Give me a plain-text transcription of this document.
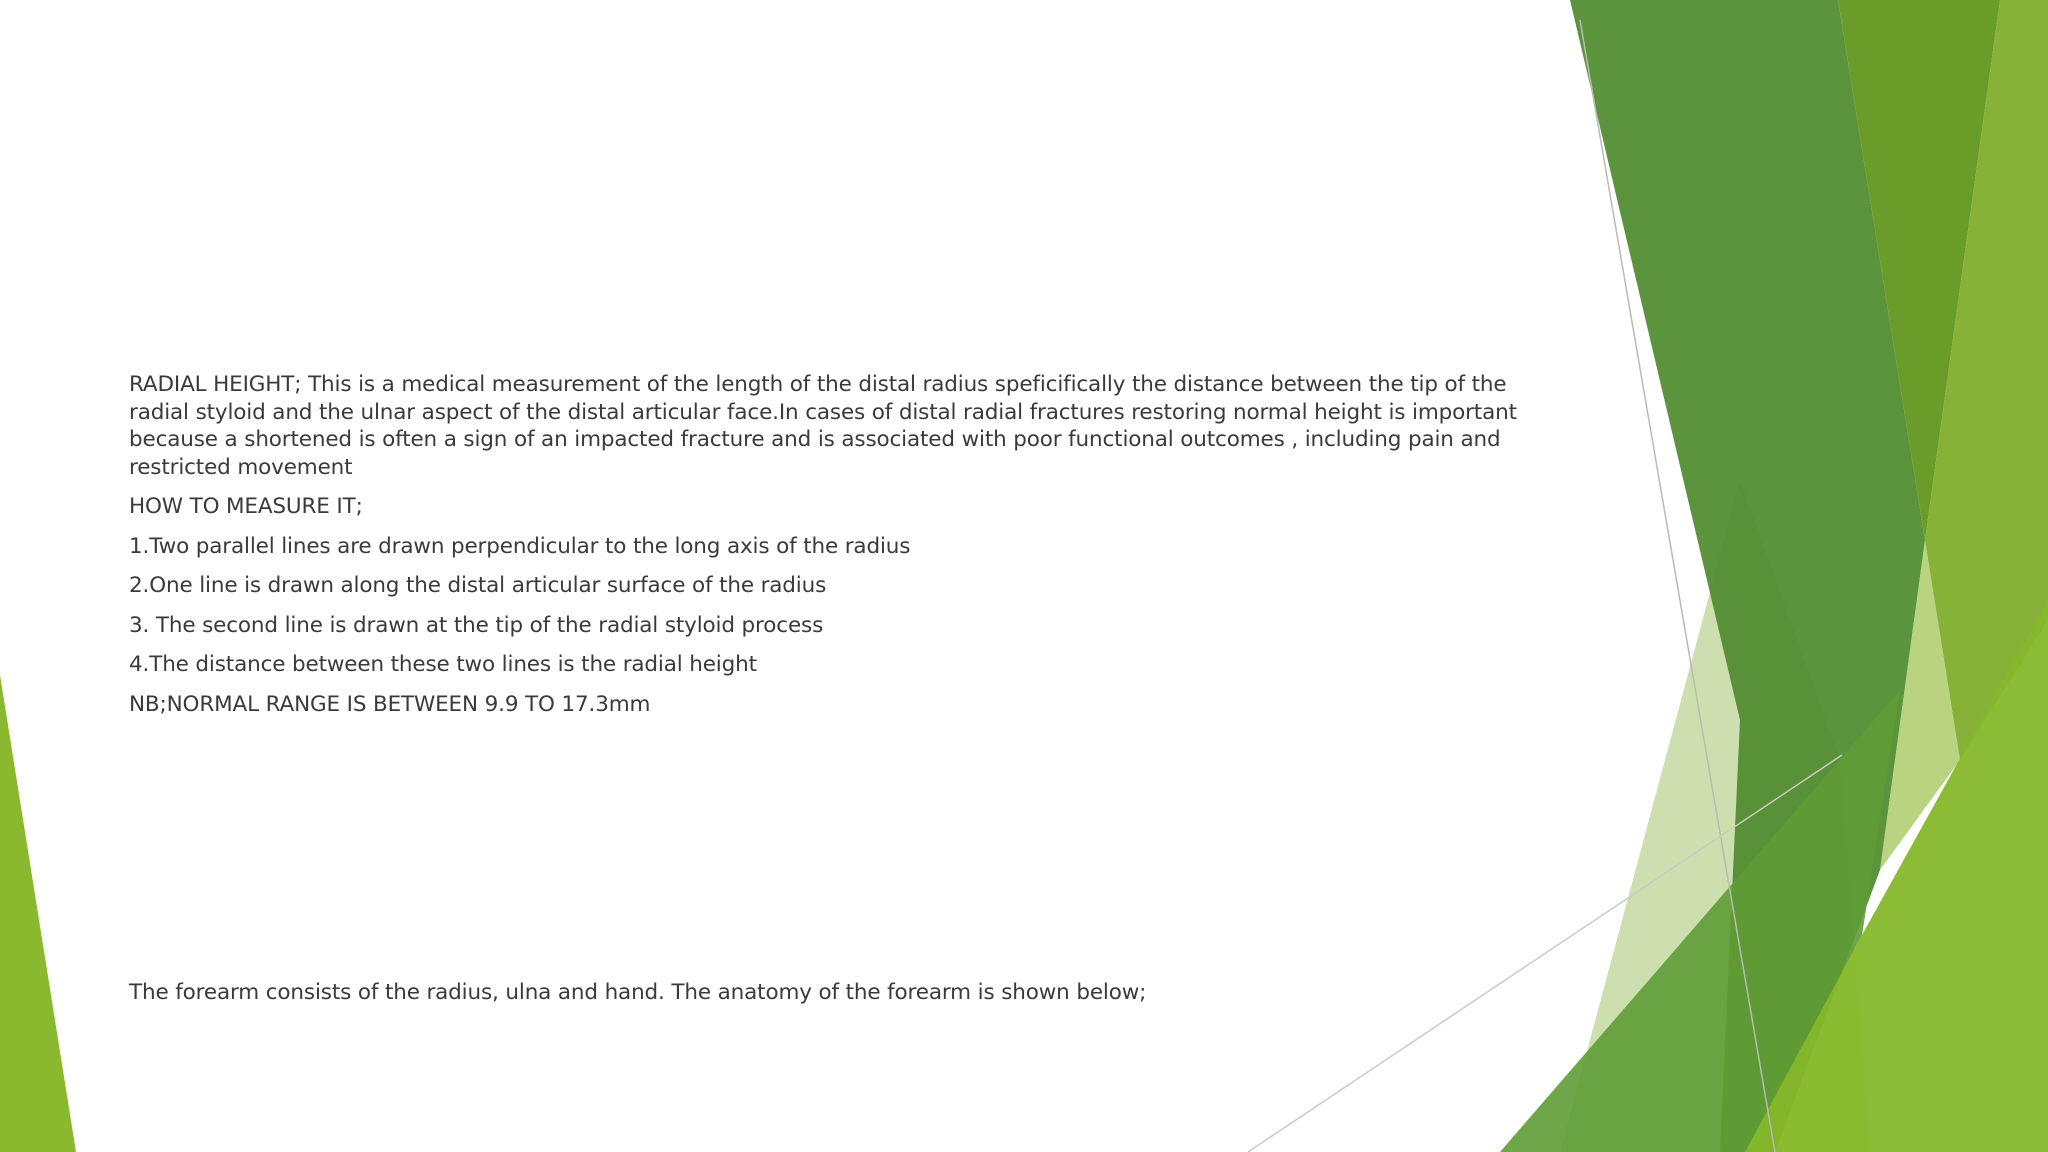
RADIAL HEIGHT; This is a medical measurement of the length of the distal radius speficifically the distance between the tip of the radial styloid and the ulnar aspect of the distal articular face.In cases of distal radial fractures restoring normal height is important because a shortened is often a sign of an impacted fracture and is associated with poor functional outcomes , including pain and restricted movement

HOW TO MEASURE IT;

1.Two parallel lines are drawn perpendicular to the long axis of the radius

2.One line is drawn along the distal articular surface of the radius

3. The second line is drawn at the tip of the radial styloid process

4.The distance between these two lines is the radial height

NB;NORMAL RANGE IS BETWEEN 9.9 TO 17.3mm

The forearm consists of the radius, ulna and hand. The anatomy of the forearm is shown below;
